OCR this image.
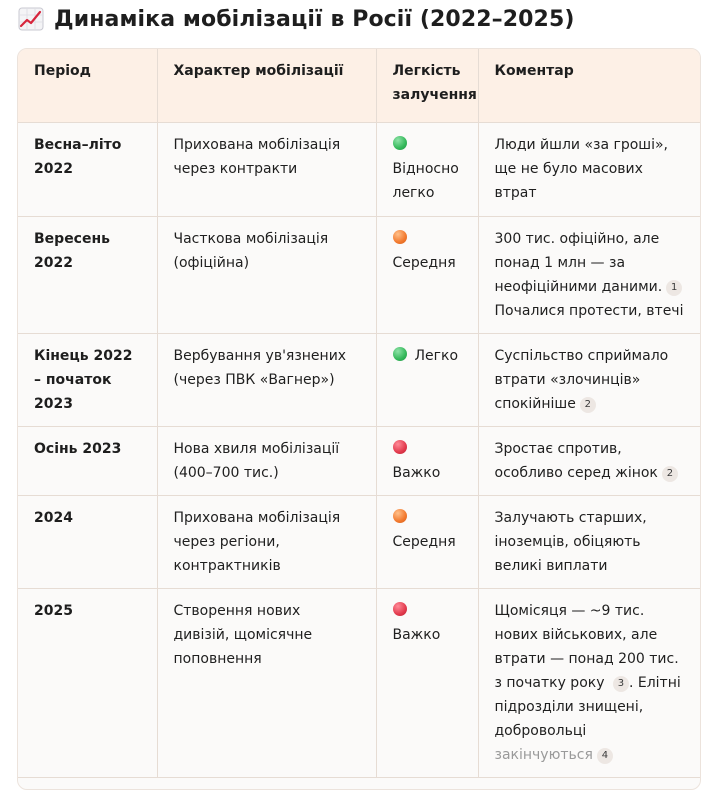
Динаміка мобілізації в Росії (2022–2025)
Період	Характер мобілізації	Легкість залучення	Коментар
Весна–літо 2022	Прихована мобілізація через контракти	Відносно легко	Люди йшли «за гроші», ще не було масових втрат
Вересень 2022	Часткова мобілізація (офіційна)	Середня	300 тис. офіційно, але понад 1 млн — за неофіційними даними. 1 Почалися протести, втечі
Кінець 2022 – початок 2023	Вербування ув'язнених (через ПВК «Вагнер»)	Легко	Суспільство сприймало втрати «злочинців» спокійніше 2
Осінь 2023	Нова хвиля мобілізації (400–700 тис.)	Важко	Зростає спротив, особливо серед жінок 2
2024	Прихована мобілізація через регіони, контрактників	Середня	Залучають старших, іноземців, обіцяють великі виплати
2025	Створення нових дивізій, щомісячне поповнення	Важко	Щомісяця — ~9 тис. нових військових, але втрати — понад 200 тис. з початку року 3 . Елітні підрозділи знищені, добровольці закінчуються 4
